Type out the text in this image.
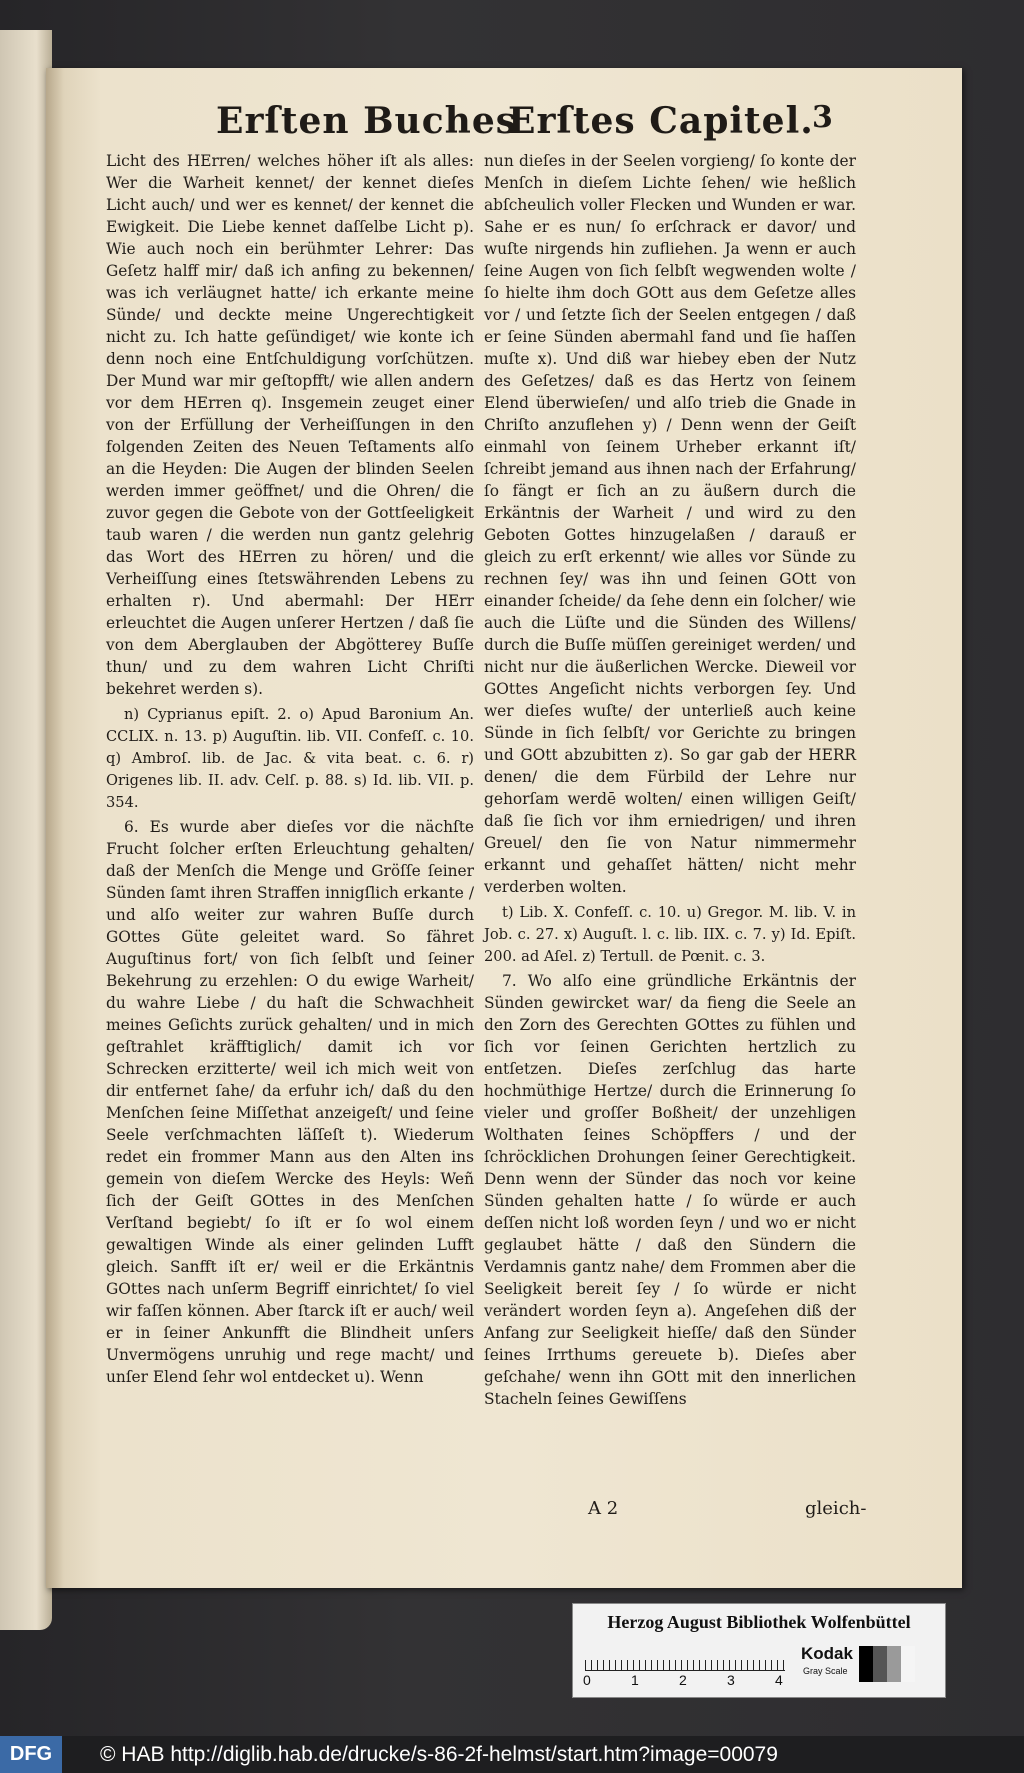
Erſten Buches
Erſtes Capitel.
3

Licht des HErren/ welches höher iſt als alles: Wer die Warheit kennet/ der kennet dieſes Licht auch/ und wer es kennet/ der kennet die Ewigkeit. Die Liebe kennet daſſelbe Licht p). Wie auch noch ein berühmter Lehrer: Das Geſetz halff mir/ daß ich anfing zu bekennen/ was ich verläugnet hatte/ ich erkante meine Sünde/ und deckte meine Ungerechtigkeit nicht zu. Ich hatte geſündiget/ wie konte ich denn noch eine Entſchuldigung vorſchützen. Der Mund war mir geſtopfft/ wie allen andern vor dem HErren q). Insgemein zeuget einer von der Erfüllung der Verheiſſungen in den folgenden Zeiten des Neuen Teſtaments alſo an die Heyden: Die Augen der blinden Seelen werden immer geöffnet/ und die Ohren/ die zuvor gegen die Gebote von der Gottſeeligkeit taub waren / die werden nun gantz gelehrig das Wort des HErren zu hören/ und die Verheiſſung eines ſtetswährenden Lebens zu erhalten r). Und abermahl: Der HErr erleuchtet die Augen unſerer Hertzen / daß ſie von dem Aberglauben der Abgötterey Buſſe thun/ und zu dem wahren Licht Chriſti bekehret werden s).

n) Cyprianus epiſt. 2. o) Apud Baronium An. CCLIX. n. 13. p) Auguſtin. lib. VII. Confeſſ. c. 10. q) Ambroſ. lib. de Jac. & vita beat. c. 6. r) Origenes lib. II. adv. Celſ. p. 88. s) Id. lib. VII. p. 354.

6. Es wurde aber dieſes vor die nächſte Frucht ſolcher erſten Erleuchtung gehalten/ daß der Menſch die Menge und Gröſſe ſeiner Sünden ſamt ihren Straffen innigſlich erkante / und alſo weiter zur wahren Buſſe durch GOttes Güte geleitet ward. So fähret Auguſtinus fort/ von ſich ſelbſt und ſeiner Bekehrung zu erzehlen: O du ewige Warheit/ du wahre Liebe / du haſt die Schwachheit meines Geſichts zurück gehalten/ und in mich geſtrahlet kräfftiglich/ damit ich vor Schrecken erzitterte/ weil ich mich weit von dir entfernet ſahe/ da erfuhr ich/ daß du den Menſchen ſeine Miſſethat anzeigeſt/ und ſeine Seele verſchmachten läſſeſt t). Wiederum redet ein frommer Mann aus den Alten ins gemein von dieſem Wercke des Heyls: Weñ ſich der Geiſt GOttes in des Menſchen Verſtand begiebt/ ſo iſt er ſo wol einem gewaltigen Winde als einer gelinden Lufft gleich. Sanfft iſt er/ weil er die Erkäntnis GOttes nach unſerm Begriff einrichtet/ ſo viel wir faſſen können. Aber ſtarck iſt er auch/ weil er in ſeiner Ankunfft die Blindheit unſers Unvermögens unruhig und rege macht/ und unſer Elend ſehr wol entdecket u). Wenn

nun dieſes in der Seelen vorgieng/ ſo konte der Menſch in dieſem Lichte ſehen/ wie heßlich abſcheulich voller Flecken und Wunden er war. Sahe er es nun/ ſo erſchrack er davor/ und wuſte nirgends hin zufliehen. Ja wenn er auch ſeine Augen von ſich ſelbſt wegwenden wolte / ſo hielte ihm doch GOtt aus dem Geſetze alles vor / und ſetzte ſich der Seelen entgegen / daß er ſeine Sünden abermahl fand und ſie haſſen muſte x). Und diß war hiebey eben der Nutz des Geſetzes/ daß es das Hertz von ſeinem Elend überwieſen/ und alſo trieb die Gnade in Chriſto anzuflehen y) / Denn wenn der Geiſt einmahl von ſeinem Urheber erkannt iſt/ ſchreibt jemand aus ihnen nach der Erfahrung/ ſo fängt er ſich an zu äußern durch die Erkäntnis der Warheit / und wird zu den Geboten Gottes hinzugelaßen / darauß er gleich zu erſt erkennt/ wie alles vor Sünde zu rechnen ſey/ was ihn und ſeinen GOtt von einander ſcheide/ da ſehe denn ein ſolcher/ wie auch die Lüſte und die Sünden des Willens/ durch die Buſſe müſſen gereiniget werden/ und nicht nur die äußerlichen Wercke. Dieweil vor GOttes Angeſicht nichts verborgen ſey. Und wer dieſes wuſte/ der unterließ auch keine Sünde in ſich ſelbſt/ vor Gerichte zu bringen und GOtt abzubitten z). So gar gab der HERR denen/ die dem Fürbild der Lehre nur gehorſam werdē wolten/ einen willigen Geiſt/ daß ſie ſich vor ihm erniedrigen/ und ihren Greuel/ den ſie von Natur nimmermehr erkannt und gehaſſet hätten/ nicht mehr verderben wolten.

t) Lib. X. Confeſſ. c. 10. u) Gregor. M. lib. V. in Job. c. 27. x) Auguſt. l. c. lib. IIX. c. 7. y) Id. Epiſt. 200. ad Aſel. z) Tertull. de Pœnit. c. 3.

7. Wo alſo eine gründliche Erkäntnis der Sünden gewircket war/ da fieng die Seele an den Zorn des Gerechten GOttes zu fühlen und ſich vor ſeinen Gerichten hertzlich zu entſetzen. Dieſes zerſchlug das harte hochmüthige Hertze/ durch die Erinnerung ſo vieler und groſſer Boßheit/ der unzehligen Wolthaten ſeines Schöpffers / und der ſchröcklichen Drohungen ſeiner Gerechtigkeit. Denn wenn der Sünder das noch vor keine Sünden gehalten hatte / ſo würde er auch deſſen nicht loß worden ſeyn / und wo er nicht geglaubet hätte / daß den Sündern die Verdamnis gantz nahe/ dem Frommen aber die Seeligkeit bereit ſey / ſo würde er nicht verändert worden ſeyn a). Angeſehen diß der Anfang zur Seeligkeit hieſſe/ daß den Sünder ſeines Irrthums gereuete b). Dieſes aber geſchahe/ wenn ihn GOtt mit den innerlichen Stacheln ſeines Gewiſſens

A 2	gleich-
Herzog August Bibliothek Wolfenbüttel
0	1	2	3	4
Kodak
Gray Scale
DFG	© HAB http://diglib.hab.de/drucke/s-86-2f-helmst/start.htm?image=00079
